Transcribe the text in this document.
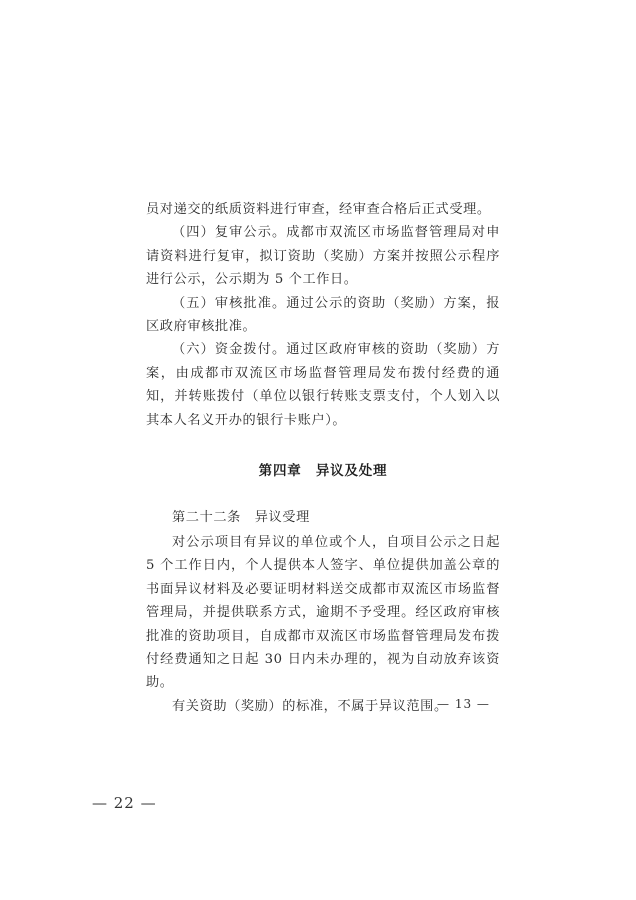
员对递交的纸质资料进行审查，经审查合格后正式受理。

（四）复审公示。成都市双流区市场监督管理局对申请资料进行复审，拟订资助（奖励）方案并按照公示程序进行公示，公示期为 5 个工作日。

（五）审核批准。通过公示的资助（奖励）方案，报区政府审核批准。

（六）资金拨付。通过区政府审核的资助（奖励）方案，由成都市双流区市场监督管理局发布拨付经费的通知，并转账拨付（单位以银行转账支票支付，个人划入以其本人名义开办的银行卡账户）。

第四章　异议及处理
第二十二条　异议受理

对公示项目有异议的单位或个人，自项目公示之日起 5 个工作日内，个人提供本人签字、单位提供加盖公章的书面异议材料及必要证明材料送交成都市双流区市场监督管理局，并提供联系方式，逾期不予受理。经区政府审核批准的资助项目，自成都市双流区市场监督管理局发布拨付经费通知之日起 30 日内未办理的，视为自动放弃该资助。

有关资助（奖励）的标准，不属于异议范围。

— 13 —
— 22 —
